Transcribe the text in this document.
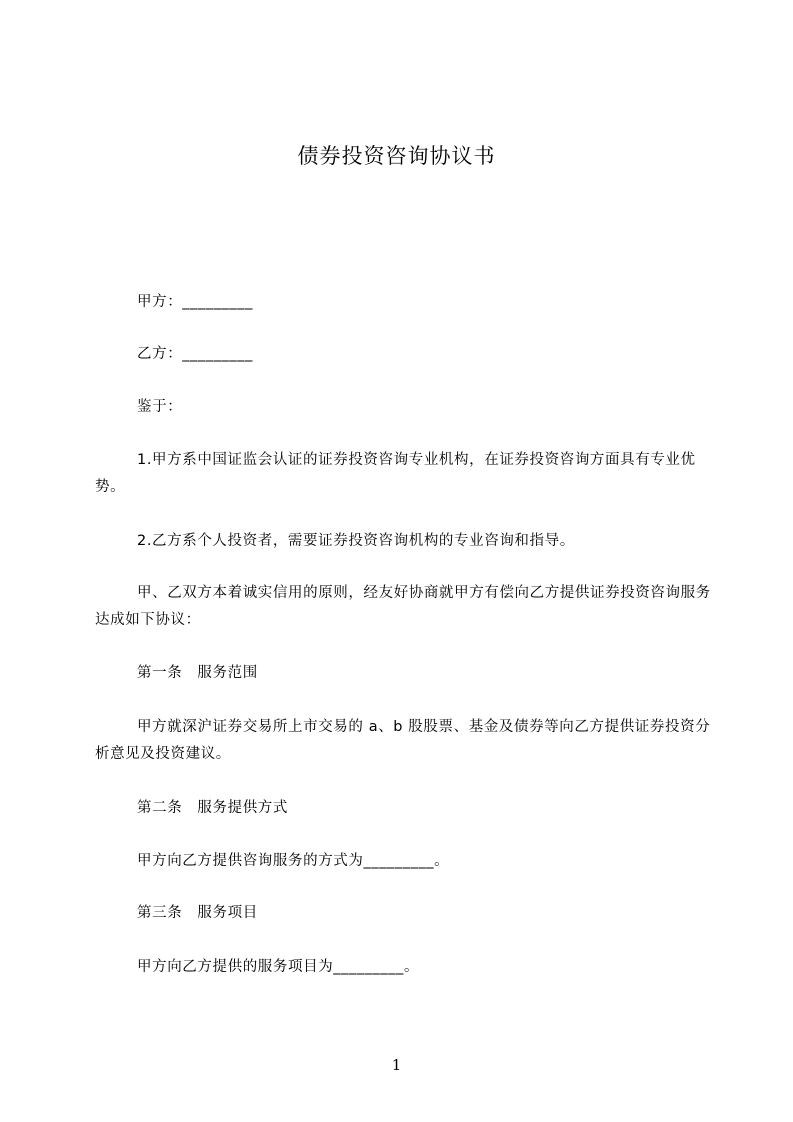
债券投资咨询协议书

甲方：_________

乙方：_________

鉴于：

1.甲方系中国证监会认证的证券投资咨询专业机构，在证券投资咨询方面具有专业优势。

2.乙方系个人投资者，需要证券投资咨询机构的专业咨询和指导。

甲、乙双方本着诚实信用的原则，经友好协商就甲方有偿向乙方提供证券投资咨询服务达成如下协议：

第一条　服务范围

甲方就深沪证券交易所上市交易的 a、b 股股票、基金及债券等向乙方提供证券投资分析意见及投资建议。

第二条　服务提供方式

甲方向乙方提供咨询服务的方式为_________。

第三条　服务项目

甲方向乙方提供的服务项目为_________。

1
